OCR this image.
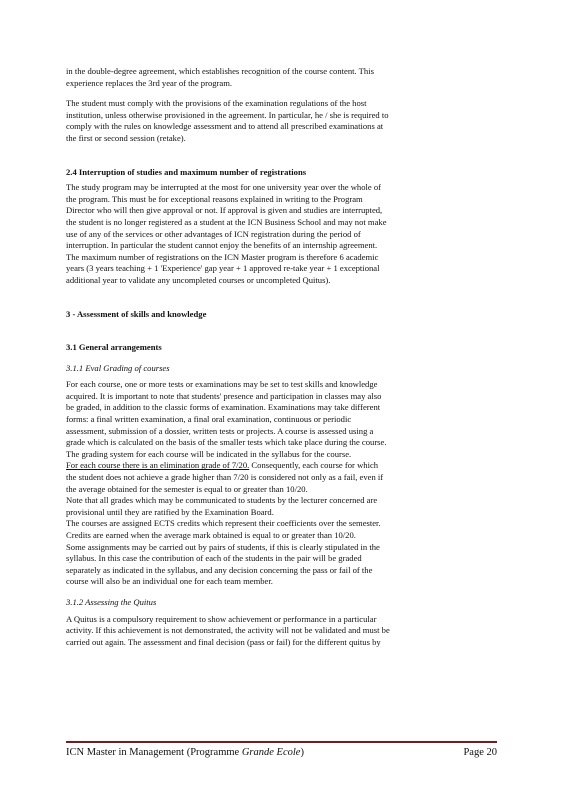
in the double-degree agreement, which establishes recognition of the course content. This
experience replaces the 3rd year of the program.

The student must comply with the provisions of the examination regulations of the host
institution, unless otherwise provisioned in the agreement. In particular, he / she is required to
comply with the rules on knowledge assessment and to attend all prescribed examinations at
the first or second session (retake).

2.4 Interruption of studies and maximum number of registrations

The study program may be interrupted at the most for one university year over the whole of
the program. This must be for exceptional reasons explained in writing to the Program
Director who will then give approval or not. If approval is given and studies are interrupted,
the student is no longer registered as a student at the ICN Business School and may not make
use of any of the services or other advantages of ICN registration during the period of
interruption. In particular the student cannot enjoy the benefits of an internship agreement.
The maximum number of registrations on the ICN Master program is therefore 6 academic
years (3 years teaching + 1 'Experience' gap year + 1 approved re-take year + 1 exceptional
additional year to validate any uncompleted courses or uncompleted Quitus).

3 - Assessment of skills and knowledge
3.1 General arrangements
3.1.1 Eval Grading of courses

For each course, one or more tests or examinations may be set to test skills and knowledge
acquired. It is important to note that students' presence and participation in classes may also
be graded, in addition to the classic forms of examination. Examinations may take different
forms: a final written examination, a final oral examination, continuous or periodic
assessment, submission of a dossier, written tests or projects. A course is assessed using a
grade which is calculated on the basis of the smaller tests which take place during the course.
The grading system for each course will be indicated in the syllabus for the course.
For each course there is an elimination grade of 7/20. Consequently, each course for which
the student does not achieve a grade higher than 7/20 is considered not only as a fail, even if
the average obtained for the semester is equal to or greater than 10/20.
Note that all grades which may be communicated to students by the lecturer concerned are
provisional until they are ratified by the Examination Board.
The courses are assigned ECTS credits which represent their coefficients over the semester.
Credits are earned when the average mark obtained is equal to or greater than 10/20.
Some assignments may be carried out by pairs of students, if this is clearly stipulated in the
syllabus. In this case the contribution of each of the students in the pair will be graded
separately as indicated in the syllabus, and any decision concerning the pass or fail of the
course will also be an individual one for each team member.

3.1.2 Assessing the Quitus

A Quitus is a compulsory requirement to show achievement or performance in a particular
activity. If this achievement is not demonstrated, the activity will not be validated and must be
carried out again. The assessment and final decision (pass or fail) for the different quitus by

ICN Master in Management (Programme Grande Ecole)	Page 20
